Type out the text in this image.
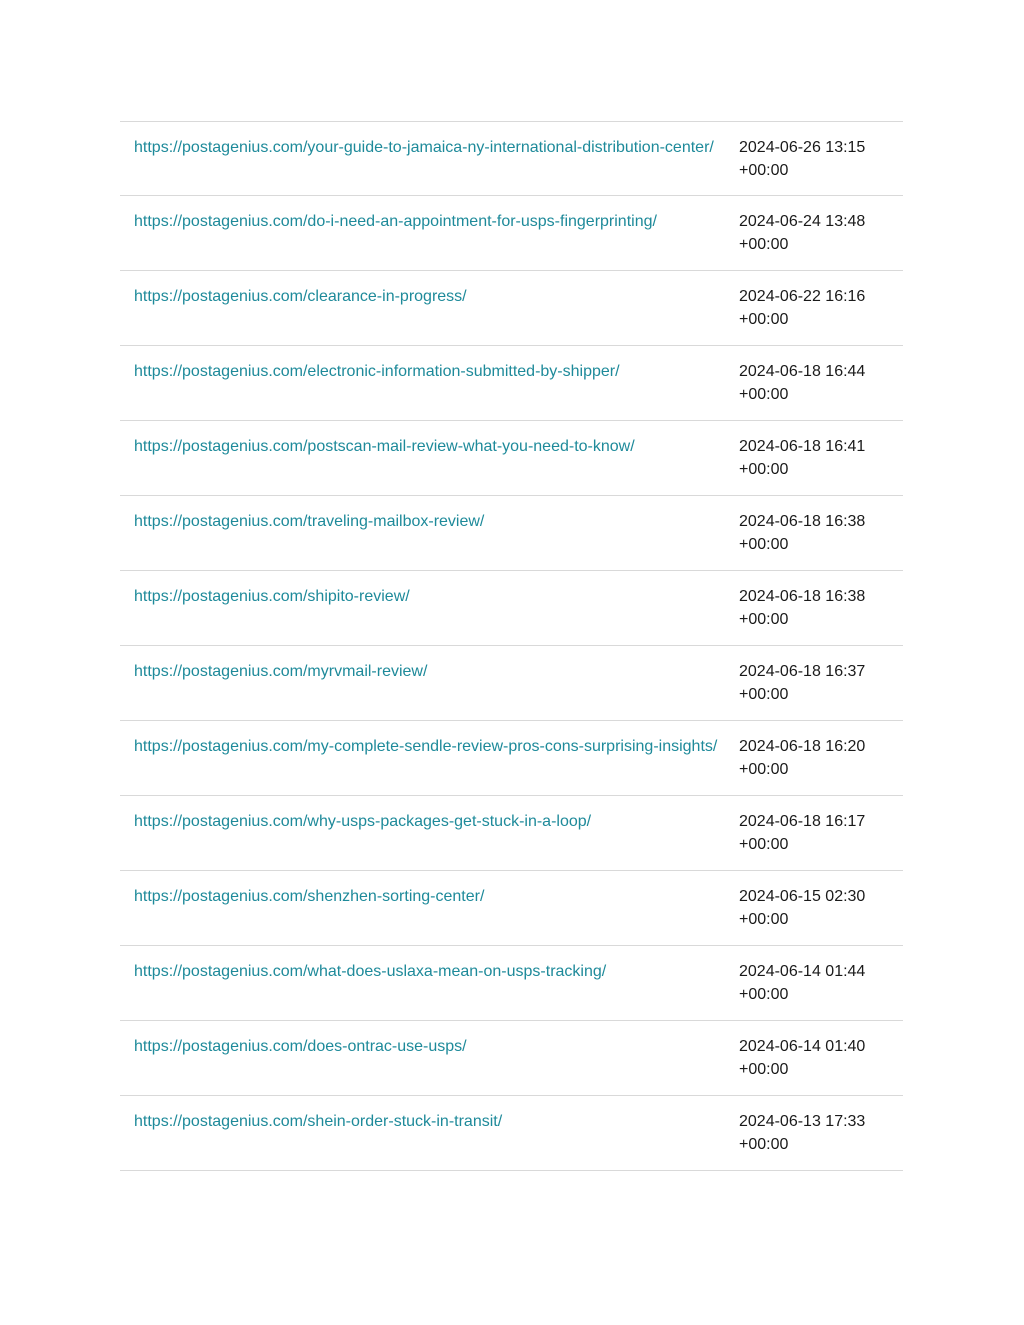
https://postagenius.com/your-guide-to-jamaica-ny-international-distribution-center/	2024-06-26 13:15 +00:00
https://postagenius.com/do-i-need-an-appointment-for-usps-fingerprinting/	2024-06-24 13:48 +00:00
https://postagenius.com/clearance-in-progress/	2024-06-22 16:16 +00:00
https://postagenius.com/electronic-information-submitted-by-shipper/	2024-06-18 16:44 +00:00
https://postagenius.com/postscan-mail-review-what-you-need-to-know/	2024-06-18 16:41 +00:00
https://postagenius.com/traveling-mailbox-review/	2024-06-18 16:38 +00:00
https://postagenius.com/shipito-review/	2024-06-18 16:38 +00:00
https://postagenius.com/myrvmail-review/	2024-06-18 16:37 +00:00
https://postagenius.com/my-complete-sendle-review-pros-cons-surprising-insights/	2024-06-18 16:20 +00:00
https://postagenius.com/why-usps-packages-get-stuck-in-a-loop/	2024-06-18 16:17 +00:00
https://postagenius.com/shenzhen-sorting-center/	2024-06-15 02:30 +00:00
https://postagenius.com/what-does-uslaxa-mean-on-usps-tracking/	2024-06-14 01:44 +00:00
https://postagenius.com/does-ontrac-use-usps/	2024-06-14 01:40 +00:00
https://postagenius.com/shein-order-stuck-in-transit/	2024-06-13 17:33 +00:00
